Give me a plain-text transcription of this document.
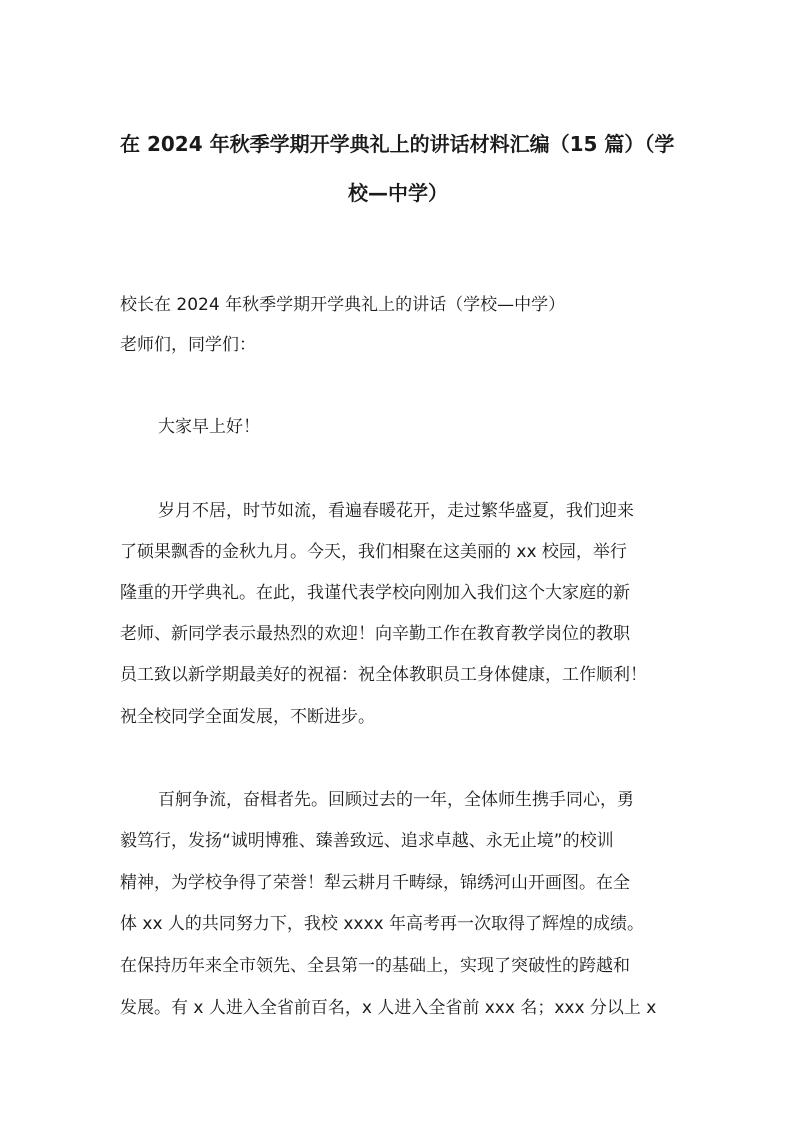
在 2024 年秋季学期开学典礼上的讲话材料汇编（15 篇）（学
校—中学）
校长在 2024 年秋季学期开学典礼上的讲话（学校—中学）
老师们，同学们：
大家早上好！
岁月不居，时节如流，看遍春暖花开，走过繁华盛夏，我们迎来
了硕果飘香的金秋九月。今天，我们相聚在这美丽的 xx 校园，举行
隆重的开学典礼。在此，我谨代表学校向刚加入我们这个大家庭的新
老师、新同学表示最热烈的欢迎！向辛勤工作在教育教学岗位的教职
员工致以新学期最美好的祝福：祝全体教职员工身体健康，工作顺利！
祝全校同学全面发展，不断进步。
百舸争流，奋楫者先。回顾过去的一年，全体师生携手同心，勇
毅笃行，发扬“诚明博雅、臻善致远、追求卓越、永无止境”的校训
精神，为学校争得了荣誉！犁云耕月千畴绿，锦绣河山开画图。在全
体 xx 人的共同努力下，我校 xxxx 年高考再一次取得了辉煌的成绩。
在保持历年来全市领先、全县第一的基础上，实现了突破性的跨越和
发展。有 x 人进入全省前百名，x 人进入全省前 xxx 名；xxx 分以上 x
